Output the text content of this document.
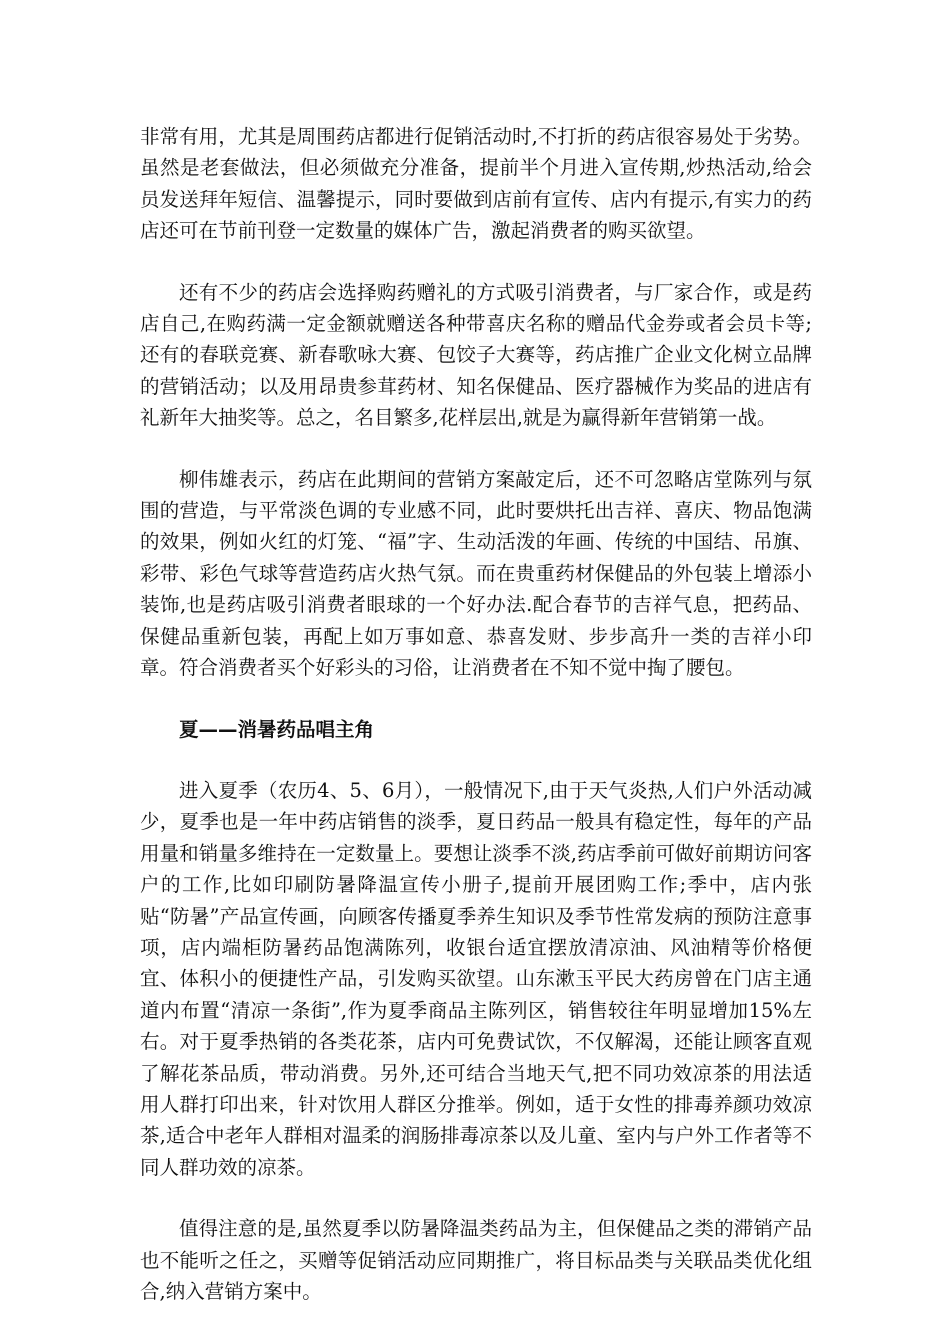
非常有用，尤其是周围药店都进行促销活动时,不打折的药店很容易处于劣势。虽然是老套做法，但必须做充分准备，提前半个月进入宣传期,炒热活动,给会员发送拜年短信、温馨提示，同时要做到店前有宣传、店内有提示,有实力的药店还可在节前刊登一定数量的媒体广告，激起消费者的购买欲望。

还有不少的药店会选择购药赠礼的方式吸引消费者，与厂家合作，或是药店自己,在购药满一定金额就赠送各种带喜庆名称的赠品代金券或者会员卡等;还有的春联竞赛、新春歌咏大赛、包饺子大赛等，药店推广企业文化树立品牌的营销活动；以及用昂贵参茸药材、知名保健品、医疗器械作为奖品的进店有礼新年大抽奖等。总之，名目繁多,花样层出,就是为赢得新年营销第一战。

柳伟雄表示，药店在此期间的营销方案敲定后，还不可忽略店堂陈列与氛围的营造，与平常淡色调的专业感不同，此时要烘托出吉祥、喜庆、物品饱满的效果，例如火红的灯笼、“福”字、生动活泼的年画、传统的中国结、吊旗、彩带、彩色气球等营造药店火热气氛。而在贵重药材保健品的外包装上增添小装饰,也是药店吸引消费者眼球的一个好办法.配合春节的吉祥气息，把药品、保健品重新包装，再配上如万事如意、恭喜发财、步步高升一类的吉祥小印章。符合消费者买个好彩头的习俗，让消费者在不知不觉中掏了腰包。

夏——消暑药品唱主角

进入夏季（农历4、5、6月），一般情况下,由于天气炎热,人们户外活动减少，夏季也是一年中药店销售的淡季，夏日药品一般具有稳定性，每年的产品用量和销量多维持在一定数量上。要想让淡季不淡,药店季前可做好前期访问客户的工作,比如印刷防暑降温宣传小册子,提前开展团购工作;季中，店内张贴“防暑”产品宣传画，向顾客传播夏季养生知识及季节性常发病的预防注意事项，店内端柜防暑药品饱满陈列，收银台适宜摆放清凉油、风油精等价格便宜、体积小的便捷性产品，引发购买欲望。山东漱玉平民大药房曾在门店主通道内布置“清凉一条街”,作为夏季商品主陈列区，销售较往年明显增加15%左右。对于夏季热销的各类花茶，店内可免费试饮，不仅解渴，还能让顾客直观了解花茶品质，带动消费。另外,还可结合当地天气,把不同功效凉茶的用法适用人群打印出来，针对饮用人群区分推举。例如，适于女性的排毒养颜功效凉茶,适合中老年人群相对温柔的润肠排毒凉茶以及儿童、室内与户外工作者等不同人群功效的凉茶。

值得注意的是,虽然夏季以防暑降温类药品为主，但保健品之类的滞销产品也不能听之任之，买赠等促销活动应同期推广，将目标品类与关联品类优化组合,纳入营销方案中。
